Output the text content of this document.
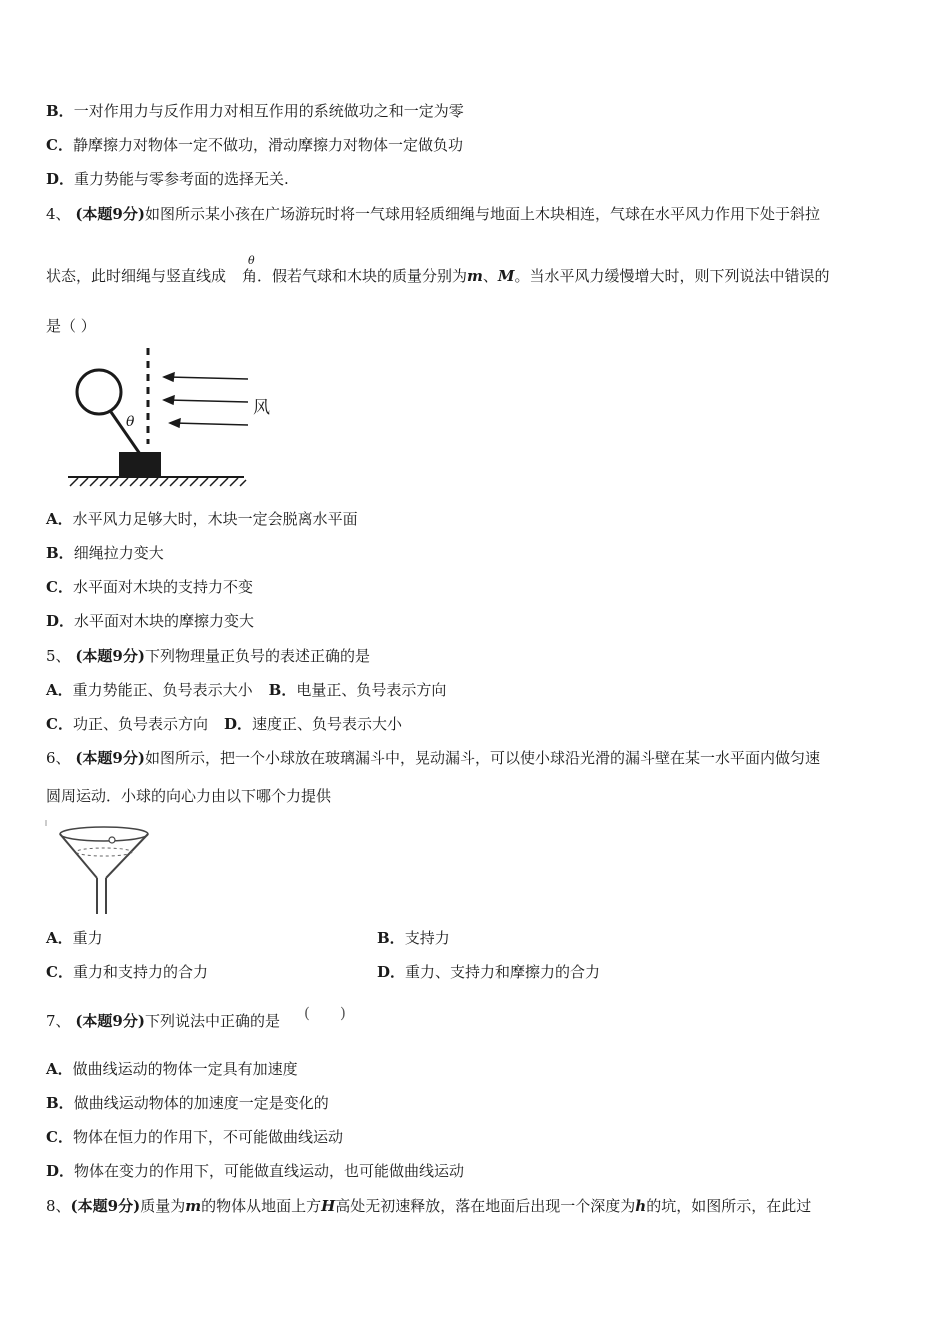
B．一对作用力与反作用力对相互作用的系统做功之和一定为零
C．静摩擦力对物体一定不做功，滑动摩擦力对物体一定做负功
D．重力势能与零参考面的选择无关.
4、 (本题9分)如图所示某小孩在广场游玩时将一气球用轻质细绳与地面上木块相连，气球在水平风力作用下处于斜拉
θ
状态，此时细绳与竖直线成 角．假若气球和木块的质量分别为m、M。当水平风力缓慢增大时，则下列说法中错误的
是（ ）
θ
风
A．水平风力足够大时，木块一定会脱离水平面
B．细绳拉力变大
C．水平面对木块的支持力不变
D．水平面对木块的摩擦力变大
5、 (本题9分)下列物理量正负号的表述正确的是
A．重力势能正、负号表示大小 B．电量正、负号表示方向
C．功正、负号表示方向 D．速度正、负号表示大小
6、 (本题9分)如图所示，把一个小球放在玻璃漏斗中，晃动漏斗，可以使小球沿光滑的漏斗壁在某一水平面内做匀速
圆周运动．小球的向心力由以下哪个力提供
A．重力	B．支持力
C．重力和支持力的合力	D．重力、支持力和摩擦力的合力
7、 (本题9分)下列说法中正确的是 ( )
A．做曲线运动的物体一定具有加速度
B．做曲线运动物体的加速度一定是变化的
C．物体在恒力的作用下，不可能做曲线运动
D．物体在变力的作用下，可能做直线运动，也可能做曲线运动
8、(本题9分)质量为m的物体从地面上方H高处无初速释放，落在地面后出现一个深度为h的坑，如图所示，在此过
